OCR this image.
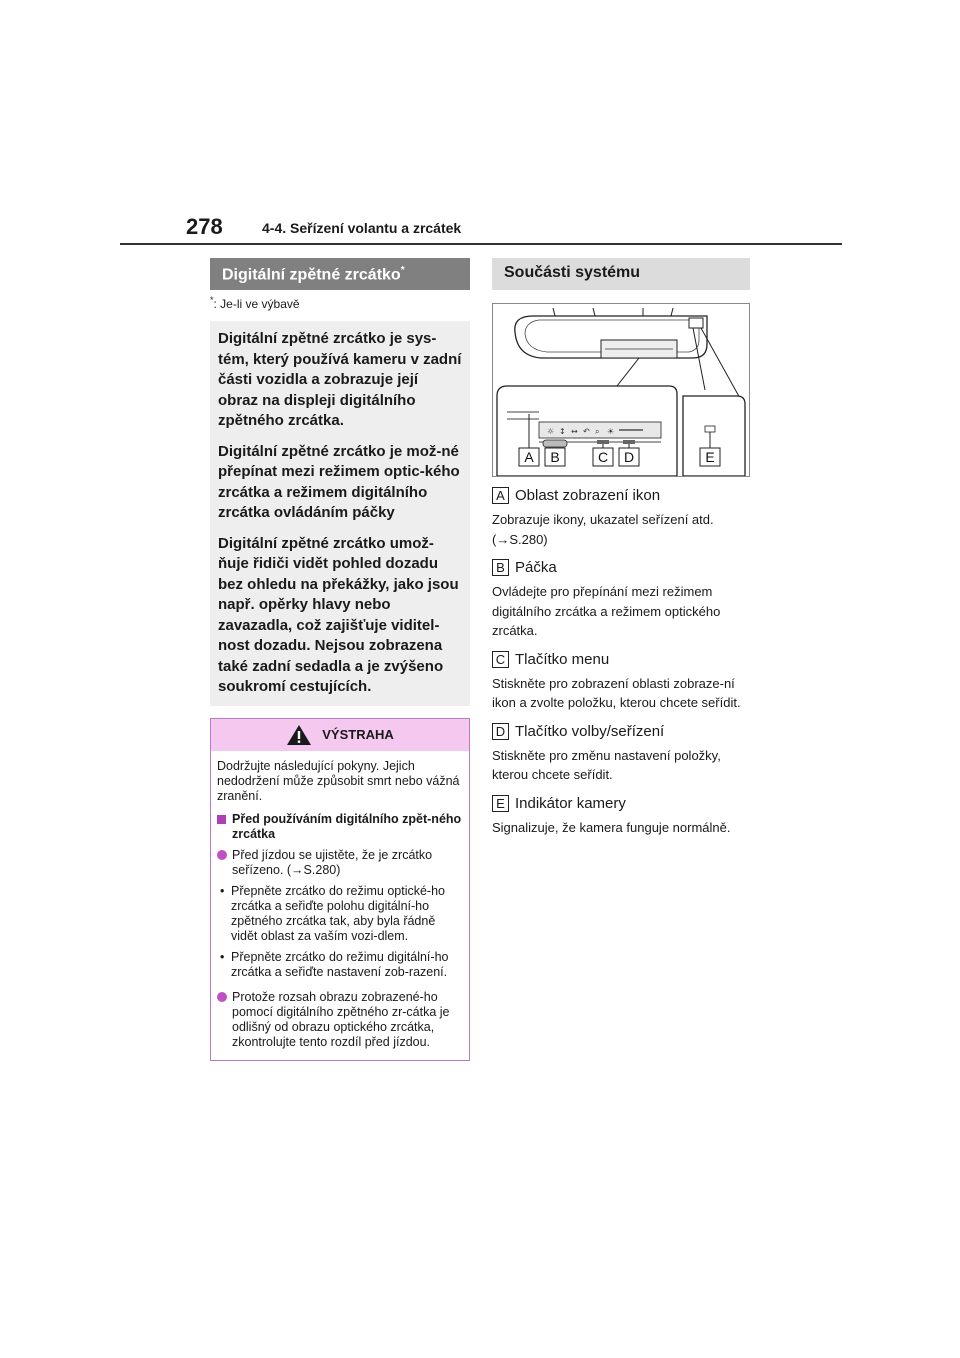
278	4-4. Seřízení volantu a zrcátek
Digitální zpětné zrcátko*
*: Je-li ve výbavě

Digitální zpětné zrcátko je sys-tém, který používá kameru v zadní části vozidla a zobrazuje její obraz na displeji digitálního zpětného zrcátka.

Digitální zpětné zrcátko je mož-né přepínat mezi režimem optic-kého zrcátka a režimem digitálního zrcátka ovládáním páčky

Digitální zpětné zrcátko umož-ňuje řidiči vidět pohled dozadu bez ohledu na překážky, jako jsou např. opěrky hlavy nebo zavazadla, což zajišťuje viditel-nost dozadu. Nejsou zobrazena také zadní sedadla a je zvýšeno soukromí cestujících.

VÝSTRAHA
Dodržujte následující pokyny. Jejich nedodržení může způsobit smrt nebo vážná zranění.
Před používáním digitálního zpět-ného zrcátka
Před jízdou se ujistěte, že je zrcátko seřízeno. (→S.280)
• Přepněte zrcátko do režimu optické-ho zrcátka a seřiďte polohu digitální-ho zpětného zrcátka tak, aby byla řádně vidět oblast za vaším vozi-dlem.
• Přepněte zrcátko do režimu digitální-ho zrcátka a seřiďte nastavení zob-razení.
Protože rozsah obrazu zobrazené-ho pomocí digitálního zpětného zr-cátka je odlišný od obrazu optického zrcátka, zkontrolujte tento rozdíl před jízdou.
Součásti systému
☼ ↕ ↔ ↶ ⌕ ☀
A B	C D	E
A Oblast zobrazení ikon
Zobrazuje ikony, ukazatel seřízení atd. (→S.280)
B Páčka
Ovládejte pro přepínání mezi režimem digitálního zrcátka a režimem optického zrcátka.
C Tlačítko menu
Stiskněte pro zobrazení oblasti zobraze-ní ikon a zvolte položku, kterou chcete seřídit.
D Tlačítko volby/seřízení
Stiskněte pro změnu nastavení položky, kterou chcete seřídit.
E Indikátor kamery
Signalizuje, že kamera funguje normálně.
